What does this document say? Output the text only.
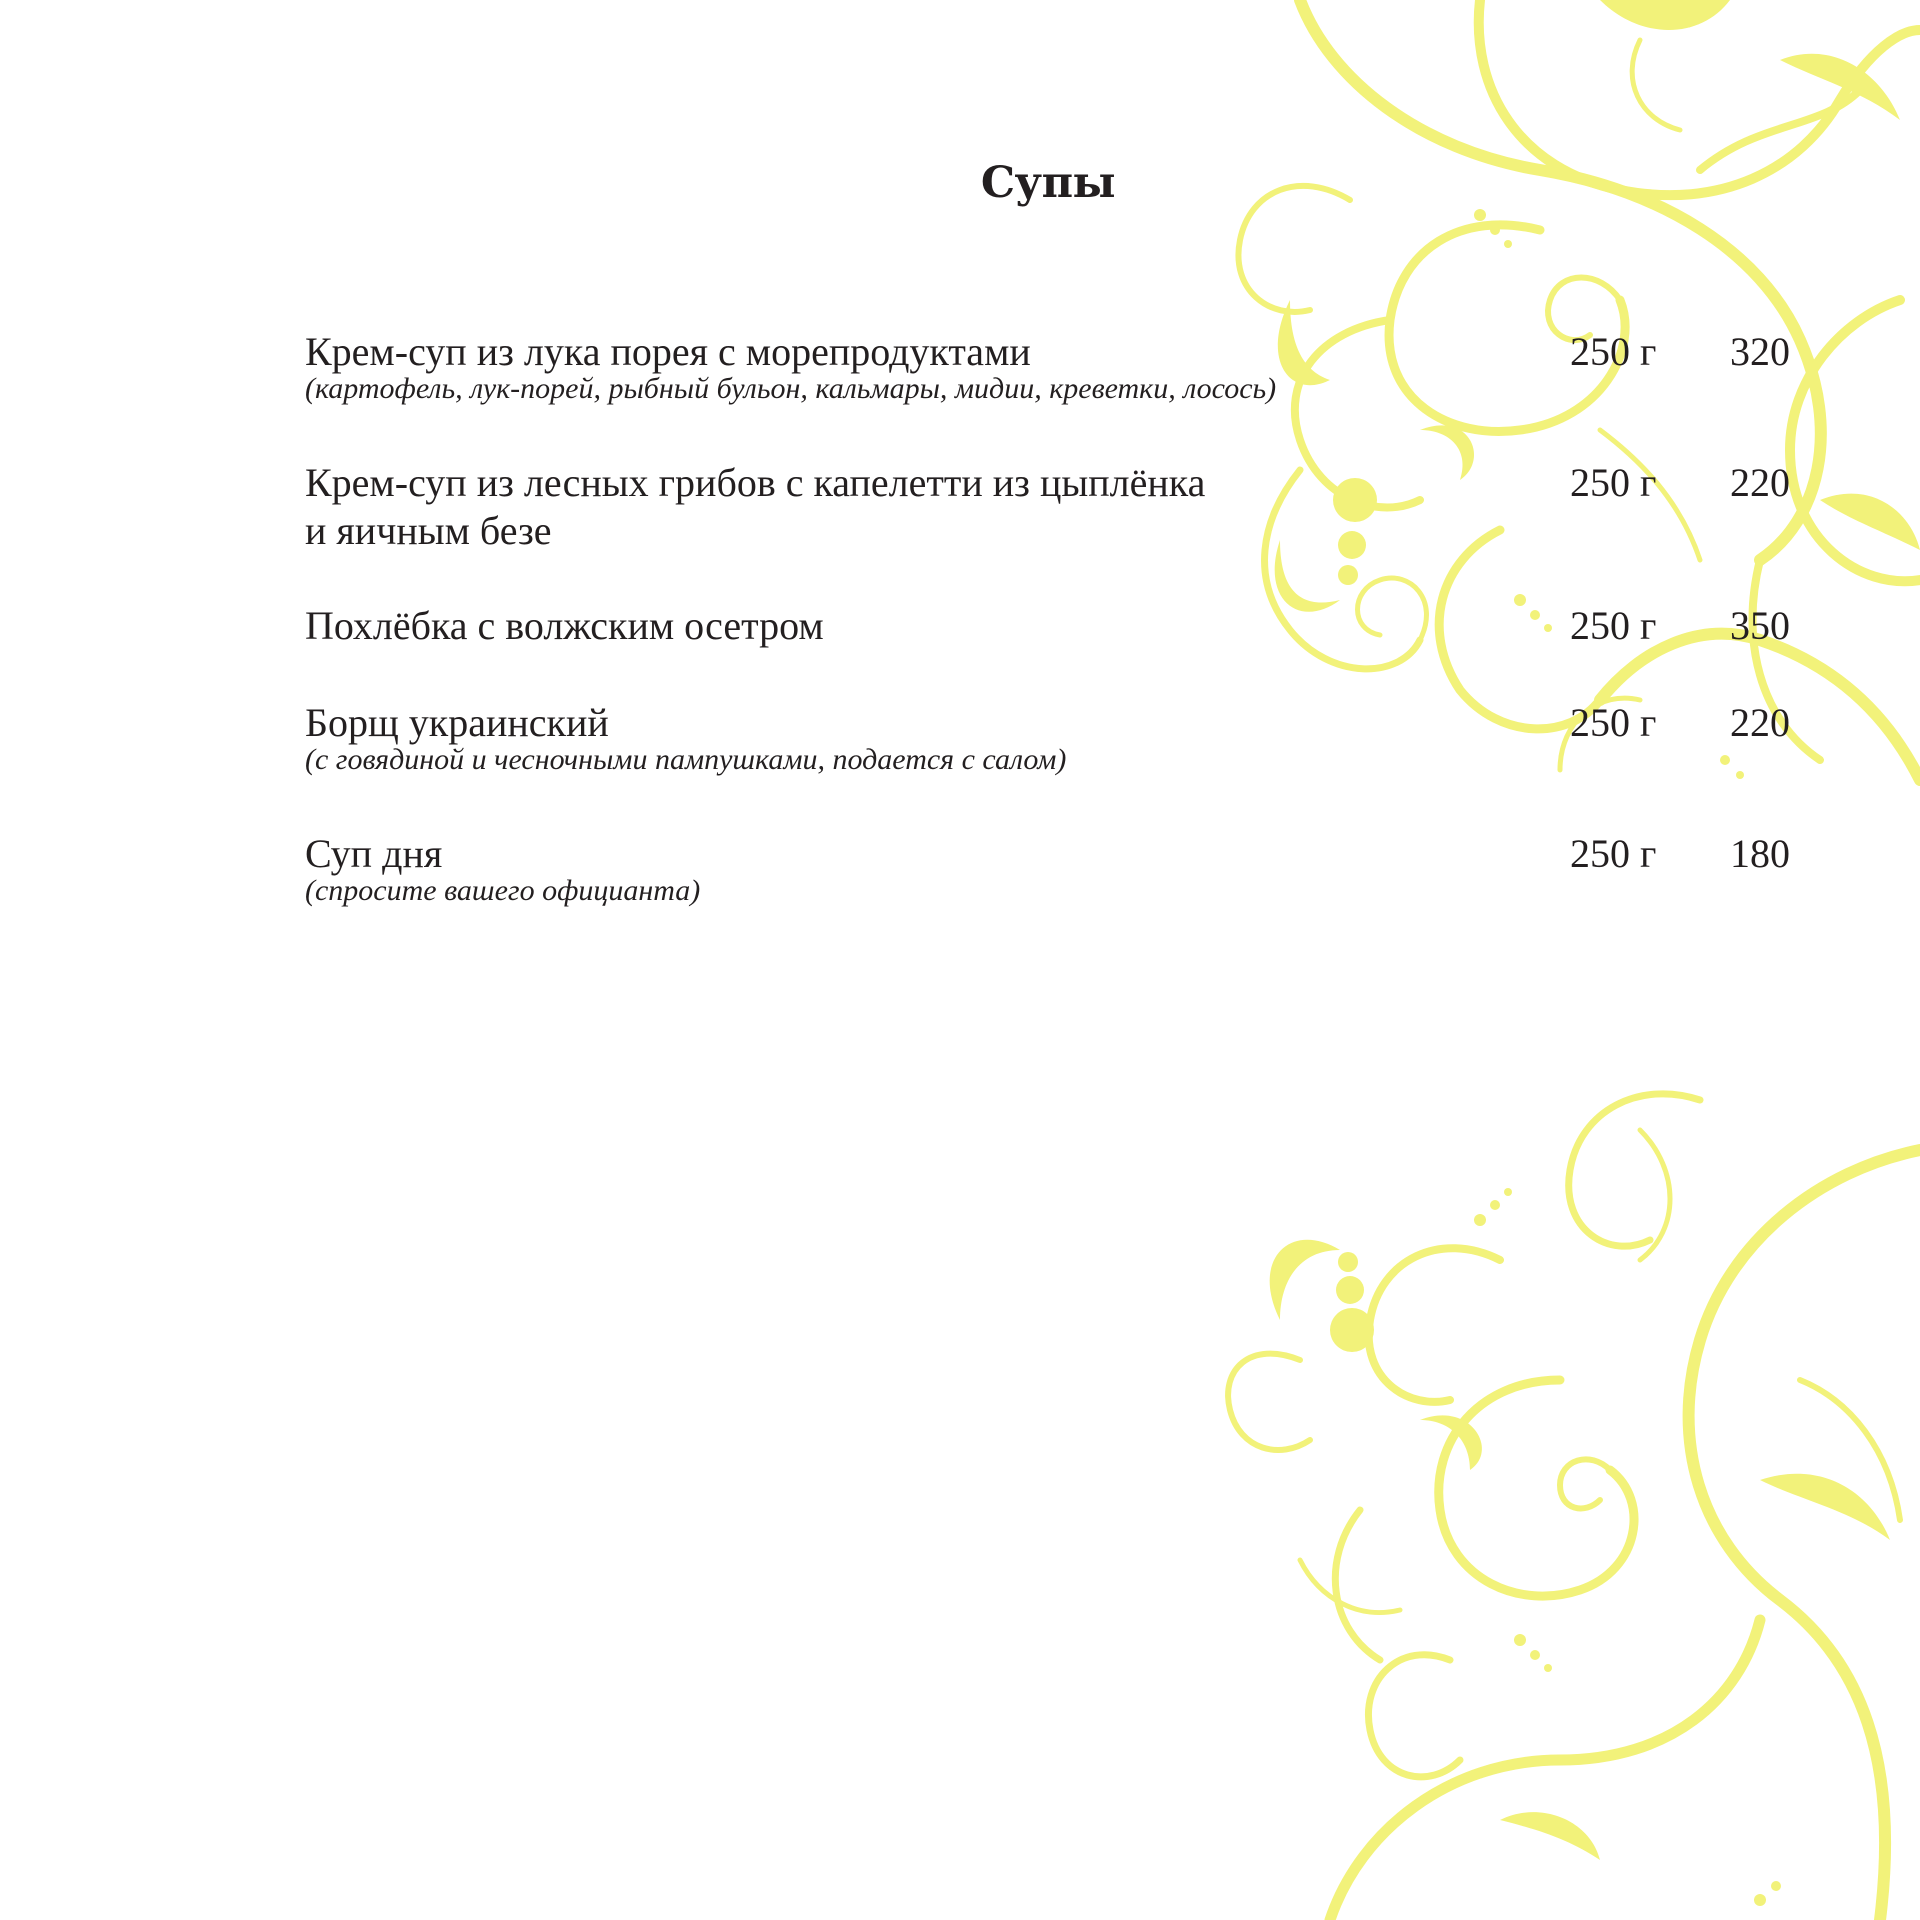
Супы
Крем-суп из лука порея с морепродуктами
(картофель, лук-порей, рыбный бульон, кальмары, мидии, креветки, лосось)
250 г 320
Крем-суп из лесных грибов с капелетти из цыплёнка
и яичным безе
250 г 220
Похлёбка с волжским осетром	250 г 350
Борщ украинский
(с говядиной и чесночными пампушками, подается с салом)
250 г 220
Суп дня
(спросите вашего официанта)
250 г 180
